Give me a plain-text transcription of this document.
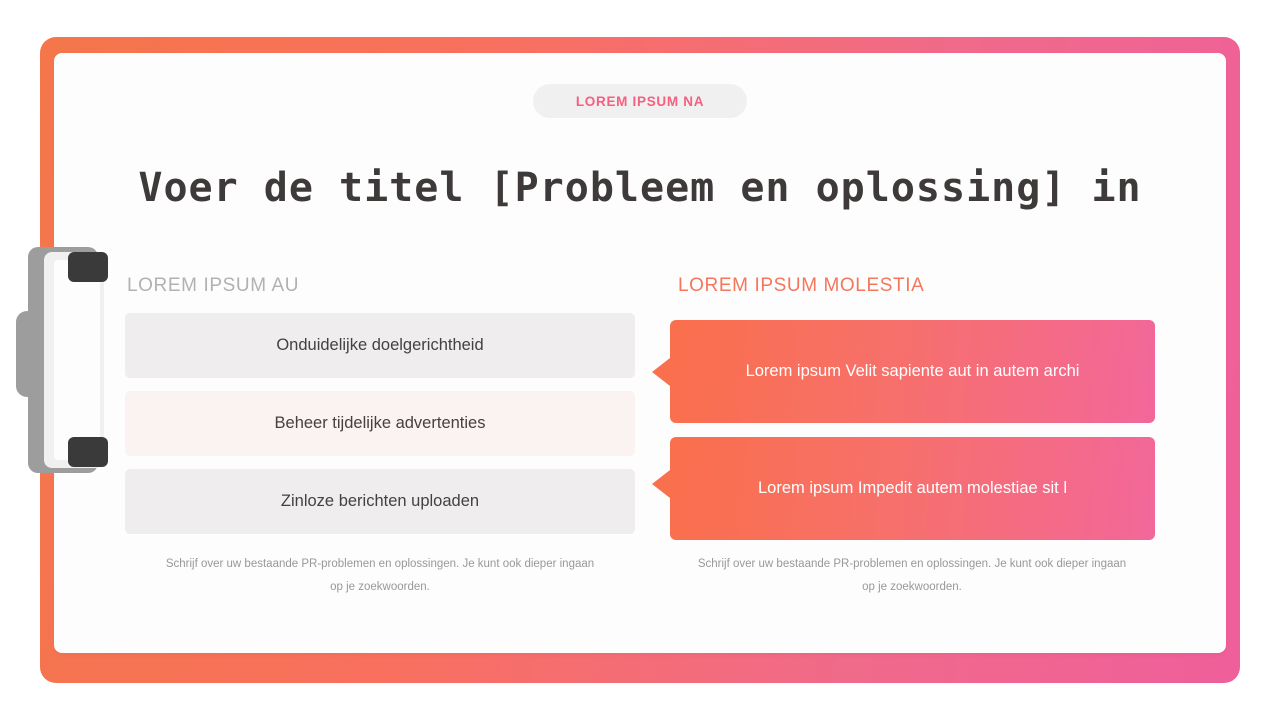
LOREM IPSUM NA
Voer de titel [Probleem en oplossing] in
LOREM IPSUM AU	LOREM IPSUM MOLESTIA
Onduidelijke doelgerichtheid
Beheer tijdelijke advertenties
Zinloze berichten uploaden
Lorem ipsum Velit sapiente aut in autem archi
Lorem ipsum Impedit autem molestiae sit l
Schrijf over uw bestaande PR-problemen en oplossingen. Je kunt ook dieper ingaan op je zoekwoorden.
Schrijf over uw bestaande PR-problemen en oplossingen. Je kunt ook dieper ingaan op je zoekwoorden.
